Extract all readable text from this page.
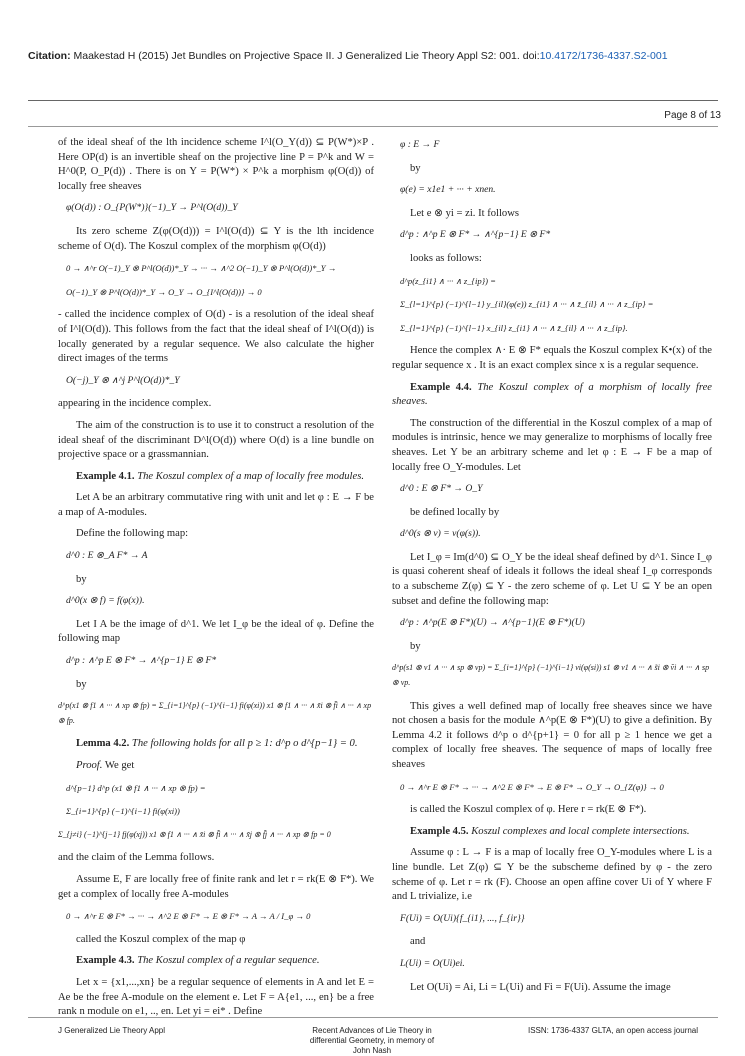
Citation: Maakestad H (2015) Jet Bundles on Projective Space II. J Generalized Lie Theory Appl S2: 001. doi:10.4172/1736-4337.S2-001
Page 8 of 13

of the ideal sheaf of the lth incidence scheme I^l(O_Y(d)) ⊆ P(W*)×P . Here OP(d) is an invertible sheaf on the projective line P = P^k and W = H^0(P, O_P(d)) . There is on Y = P(W*) × P^k a morphism φ(O(d)) of locally free sheaves

φ(O(d)) : O_{P(W*)}(−1)_Y → P^l(O(d))_Y

Its zero scheme Z(φ(O(d))) = I^l(O(d)) ⊆ Y is the lth incidence scheme of O(d). The Koszul complex of the morphism φ(O(d))

0 → ∧^r O(−1)_Y ⊗ P^l(O(d))*_Y → ··· → ∧^2 O(−1)_Y ⊗ P^l(O(d))*_Y →
O(−1)_Y ⊗ P^l(O(d))*_Y → O_Y → O_{I^l(O(d))} → 0

- called the incidence complex of O(d) - is a resolution of the ideal sheaf of I^l(O(d)). This follows from the fact that the ideal sheaf of I^l(O(d)) is locally generated by a regular sequence. We also calculate the higher direct images of the terms

O(−j)_Y ⊗ ∧^j P^l(O(d))*_Y

appearing in the incidence complex.

The aim of the construction is to use it to construct a resolution of the ideal sheaf of the discriminant D^l(O(d)) where O(d) is a line bundle on projective space or a grassmannian.

Example 4.1. The Koszul complex of a map of locally free modules.

Let A be an arbitrary commutative ring with unit and let φ : E → F be a map of A-modules.

Define the following map:

d^0 : E ⊗_A F* → A

by

d^0(x ⊗ f) = f(φ(x)).

Let I A be the image of d^1. We let I_φ be the ideal of φ. Define the following map

d^p : ∧^p E ⊗ F* → ∧^{p−1} E ⊗ F*

by

d^p(x1 ⊗ f1 ∧ ··· ∧ xp ⊗ fp) = Σ_{i=1}^{p} (−1)^{i−1} fi(φ(xi)) x1 ⊗ f1 ∧ ··· ∧ x̃i ⊗ f̃i ∧ ··· ∧ xp ⊗ fp.

Lemma 4.2. The following holds for all p ≥ 1: d^p o d^{p−1} = 0.

Proof. We get

d^{p−1} d^p (x1 ⊗ f1 ∧ ··· ∧ xp ⊗ fp) =
Σ_{i=1}^{p} (−1)^{i−1} fi(φ(xi))
Σ_{j≠i} (−1)^{j−1} fj(φ(xj)) x1 ⊗ f1 ∧ ··· ∧ x̃i ⊗ f̃i ∧ ··· ∧ x̃j ⊗ f̃j ∧ ··· ∧ xp ⊗ fp = 0

and the claim of the Lemma follows.

Assume E, F are locally free of finite rank and let r = rk(E ⊗ F*). We get a complex of locally free A-modules

0 → ∧^r E ⊗ F* → ··· → ∧^2 E ⊗ F* → E ⊗ F* → A → A / I_φ → 0

called the Koszul complex of the map φ

Example 4.3. The Koszul complex of a regular sequence.

Let x = {x1,...,xn} be a regular sequence of elements in A and let E = Ae be the free A-module on the element e. Let F = A{e1, ..., en} be a free rank n module on e1, .., en. Let yi = ei* . Define

φ : E → F

by

φ(e) = x1e1 + ··· + xnen.

Let e ⊗ yi = zi. It follows

d^p : ∧^p E ⊗ F* → ∧^{p−1} E ⊗ F*

looks as follows:

d^p(z_{i1} ∧ ··· ∧ z_{ip}) =
Σ_{l=1}^{p} (−1)^{l−1} y_{il}(φ(e)) z_{i1} ∧ ··· ∧ z̃_{il} ∧ ··· ∧ z_{ip} =
Σ_{l=1}^{p} (−1)^{l−1} x_{il} z_{i1} ∧ ··· ∧ z̃_{il} ∧ ··· ∧ z_{ip}.

Hence the complex ∧· E ⊗ F* equals the Koszul complex K•(x) of the regular sequence x . It is an exact complex since x is a regular sequence.

Example 4.4. The Koszul complex of a morphism of locally free sheaves.

The construction of the differential in the Koszul complex of a map of modules is intrinsic, hence we may generalize to morphisms of locally free sheaves. Let Y be an arbitrary scheme and let φ : E → F be a map of locally free O_Y-modules. Let

d^0 : E ⊗ F* → O_Y

be defined locally by

d^0(s ⊗ v) = v(φ(s)).

Let I_φ = Im(d^0) ⊆ O_Y be the ideal sheaf defined by d^1. Since I_φ is quasi coherent sheaf of ideals it follows the ideal sheaf I_φ corresponds to a subscheme Z(φ) ⊆ Y - the zero scheme of φ. Let U ⊆ Y be an open subset and define the following map:

d^p : ∧^p(E ⊗ F*)(U) → ∧^{p−1}(E ⊗ F*)(U)

by

d^p(s1 ⊗ v1 ∧ ··· ∧ sp ⊗ vp) = Σ_{i=1}^{p} (−1)^{i−1} vi(φ(si)) s1 ⊗ v1 ∧ ··· ∧ s̃i ⊗ ṽi ∧ ··· ∧ sp ⊗ vp.

This gives a well defined map of locally free sheaves since we have not chosen a basis for the module ∧^p(E ⊗ F*)(U) to give a definition. By Lemma 4.2 it follows d^p o d^{p+1} = 0 for all p ≥ 1 hence we get a complex of locally free sheaves. The sequence of maps of locally free sheaves

0 → ∧^r E ⊗ F* → ··· → ∧^2 E ⊗ F* → E ⊗ F* → O_Y → O_{Z(φ)} → 0

is called the Koszul complex of φ. Here r = rk(E ⊗ F*).

Example 4.5. Koszul complexes and local complete intersections.

Assume φ : L → F is a map of locally free O_Y-modules where L is a line bundle. Let Z(φ) ⊆ Y be the subscheme defined by φ - the zero scheme of φ. Let r = rk (F). Choose an open affine cover Ui of Y where F and L trivialize, i.e

F(Ui) = O(Ui){f_{i1}, ..., f_{ir}}

and

L(Ui) = O(Ui)ei.

Let O(Ui) = Ai, Li = L(Ui) and Fi = F(Ui). Assume the image

J Generalized Lie Theory Appl	Recent Advances of Lie Theory in
differential Geometry, in memory of
John Nash
ISSN: 1736-4337 GLTA, an open access journal
